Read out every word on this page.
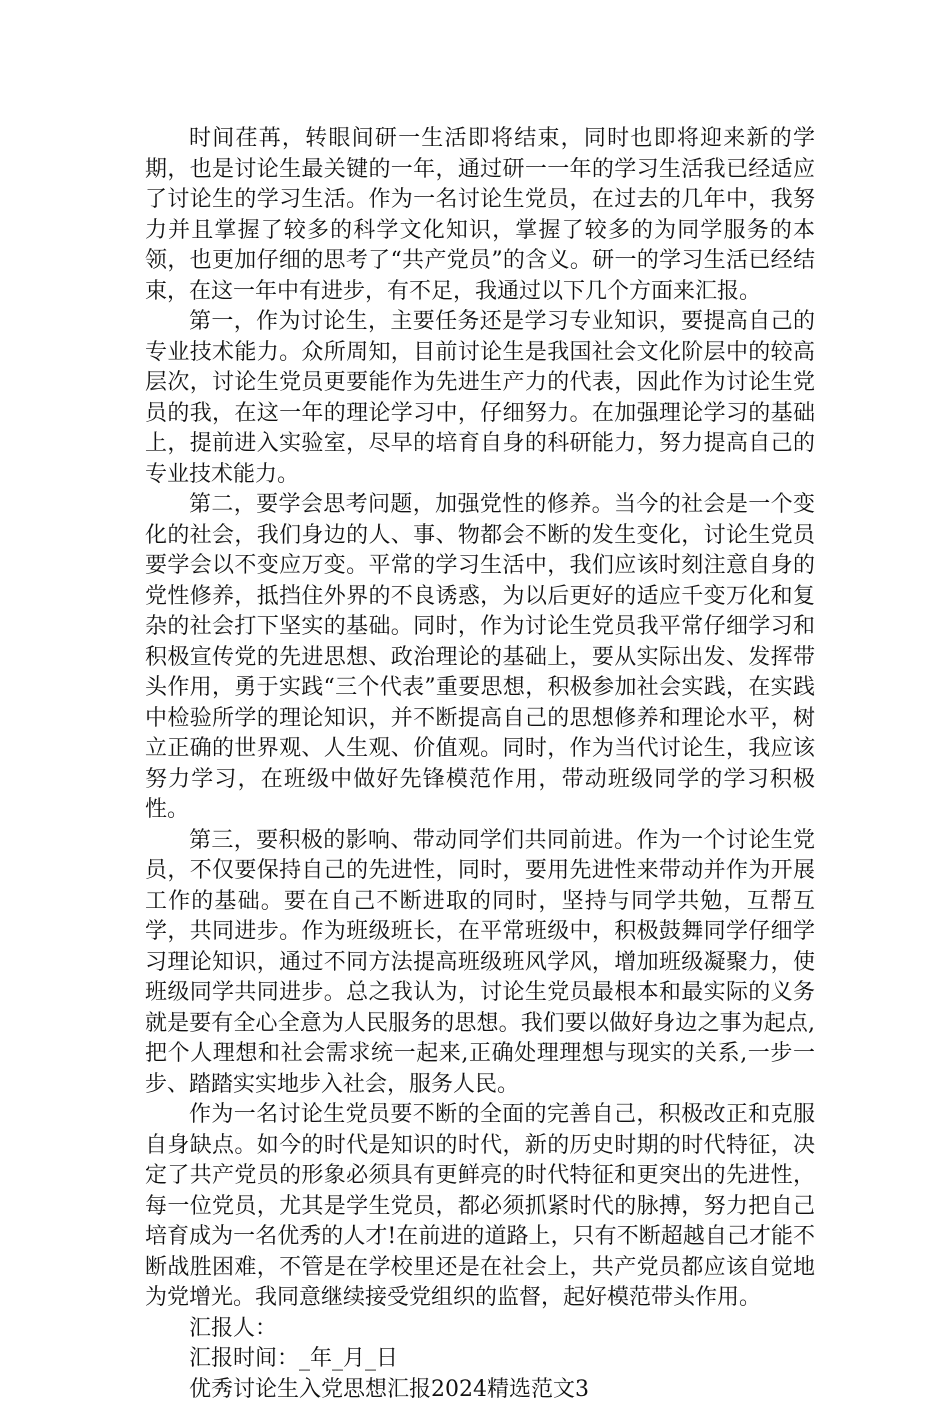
时间荏苒，转眼间研一生活即将结束，同时也即将迎来新的学期，也是讨论生最关键的一年，通过研一一年的学习生活我已经适应了讨论生的学习生活。作为一名讨论生党员，在过去的几年中，我努力并且掌握了较多的科学文化知识，掌握了较多的为同学服务的本领，也更加仔细的思考了“共产党员”的含义。研一的学习生活已经结束，在这一年中有进步，有不足，我通过以下几个方面来汇报。

第一，作为讨论生，主要任务还是学习专业知识，要提高自己的专业技术能力。众所周知，目前讨论生是我国社会文化阶层中的较高层次，讨论生党员更要能作为先进生产力的代表，因此作为讨论生党员的我，在这一年的理论学习中，仔细努力。在加强理论学习的基础上，提前进入实验室，尽早的培育自身的科研能力，努力提高自己的专业技术能力。

第二，要学会思考问题，加强党性的修养。当今的社会是一个变化的社会，我们身边的人、事、物都会不断的发生变化，讨论生党员要学会以不变应万变。平常的学习生活中，我们应该时刻注意自身的党性修养，抵挡住外界的不良诱惑，为以后更好的适应千变万化和复杂的社会打下坚实的基础。同时，作为讨论生党员我平常仔细学习和积极宣传党的先进思想、政治理论的基础上，要从实际出发、发挥带头作用，勇于实践“三个代表”重要思想，积极参加社会实践，在实践中检验所学的理论知识，并不断提高自己的思想修养和理论水平，树立正确的世界观、人生观、价值观。同时，作为当代讨论生，我应该努力学习，在班级中做好先锋模范作用，带动班级同学的学习积极性。

第三，要积极的影响、带动同学们共同前进。作为一个讨论生党员，不仅要保持自己的先进性，同时，要用先进性来带动并作为开展工作的基础。要在自己不断进取的同时，坚持与同学共勉，互帮互学，共同进步。作为班级班长，在平常班级中，积极鼓舞同学仔细学习理论知识，通过不同方法提高班级班风学风，增加班级凝聚力，使班级同学共同进步。总之我认为，讨论生党员最根本和最实际的义务就是要有全心全意为人民服务的思想。我们要以做好身边之事为起点,把个人理想和社会需求统一起来,正确处理理想与现实的关系,一步一步、踏踏实实地步入社会，服务人民。

作为一名讨论生党员要不断的全面的完善自己，积极改正和克服自身缺点。如今的时代是知识的时代，新的历史时期的时代特征，决定了共产党员的形象必须具有更鲜亮的时代特征和更突出的先进性，每一位党员，尤其是学生党员，都必须抓紧时代的脉搏，努力把自己培育成为一名优秀的人才!在前进的道路上，只有不断超越自己才能不断战胜困难，不管是在学校里还是在社会上，共产党员都应该自觉地为党增光。我同意继续接受党组织的监督，起好模范带头作用。

汇报人：

汇报时间：_年_月_日

优秀讨论生入党思想汇报2024精选范文3
